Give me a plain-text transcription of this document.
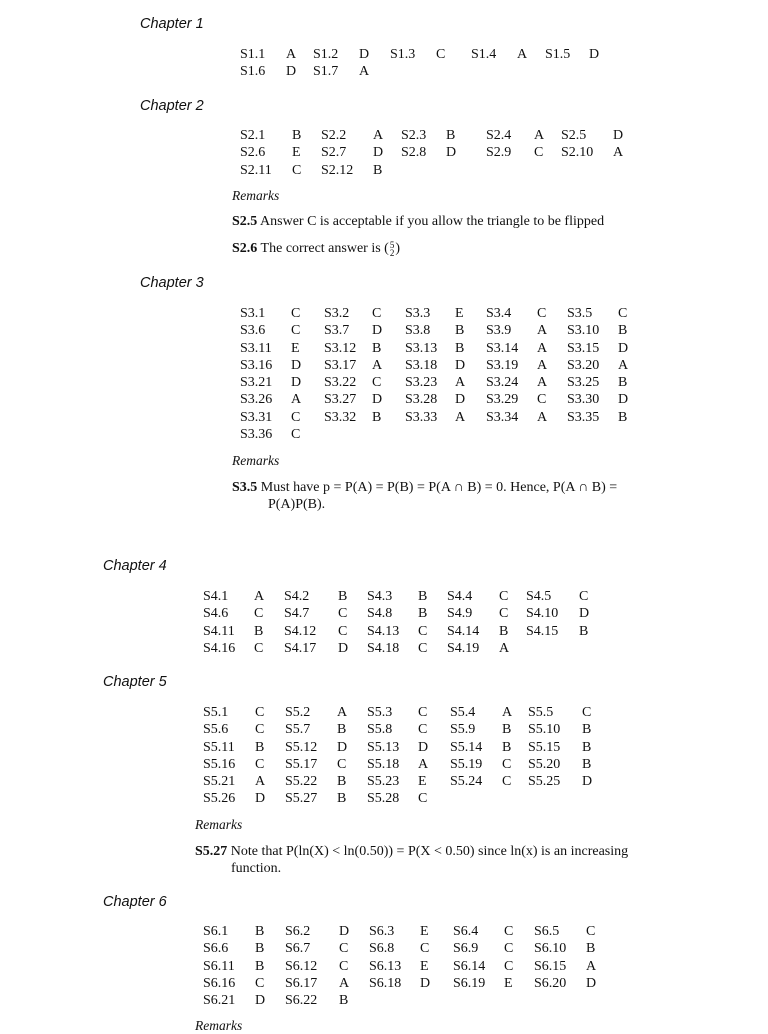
Chapter 1
S1.1	A	S1.2	D	S1.3	C	S1.4	A	S1.5	D
S1.6	D	S1.7	A
Chapter 2
S2.1	B	S2.2	A	S2.3	B	S2.4	A	S2.5	D
S2.6	E	S2.7	D	S2.8	D	S2.9	C	S2.10	A
S2.11	C	S2.12	B
Remarks
S2.5 Answer C is acceptable if you allow the triangle to be flipped
S2.6 The correct answer is ( 5
2 )
Chapter 3
S3.1	C	S3.2	C	S3.3	E	S3.4	C	S3.5	C
S3.6	C	S3.7	D	S3.8	B	S3.9	A	S3.10	B
S3.11	E	S3.12	B	S3.13	B	S3.14	A	S3.15	D
S3.16	D	S3.17	A	S3.18	D	S3.19	A	S3.20	A
S3.21	D	S3.22	C	S3.23	A	S3.24	A	S3.25	B
S3.26	A	S3.27	D	S3.28	D	S3.29	C	S3.30	D
S3.31	C	S3.32	B	S3.33	A	S3.34	A	S3.35	B
S3.36	C
Remarks
S3.5 Must have p = P(A) = P(B) = P(A ∩ B) = 0. Hence, P(A ∩ B) =
P(A)P(B).
Chapter 4
S4.1	A	S4.2	B	S4.3	B	S4.4	C	S4.5	C
S4.6	C	S4.7	C	S4.8	B	S4.9	C	S4.10	D
S4.11	B	S4.12	C	S4.13	C	S4.14	B	S4.15	B
S4.16	C	S4.17	D	S4.18	C	S4.19	A
Chapter 5
S5.1	C	S5.2	A	S5.3	C	S5.4	A	S5.5	C
S5.6	C	S5.7	B	S5.8	C	S5.9	B	S5.10	B
S5.11	B	S5.12	D	S5.13	D	S5.14	B	S5.15	B
S5.16	C	S5.17	C	S5.18	A	S5.19	C	S5.20	B
S5.21	A	S5.22	B	S5.23	E	S5.24	C	S5.25	D
S5.26	D	S5.27	B	S5.28	C
Remarks
S5.27 Note that P(ln(X) < ln(0.50)) = P(X < 0.50) since ln(x) is an increasing
function.
Chapter 6
S6.1	B	S6.2	D	S6.3	E	S6.4	C	S6.5	C
S6.6	B	S6.7	C	S6.8	C	S6.9	C	S6.10	B
S6.11	B	S6.12	C	S6.13	E	S6.14	C	S6.15	A
S6.16	C	S6.17	A	S6.18	D	S6.19	E	S6.20	D
S6.21	D	S6.22	B
Remarks
